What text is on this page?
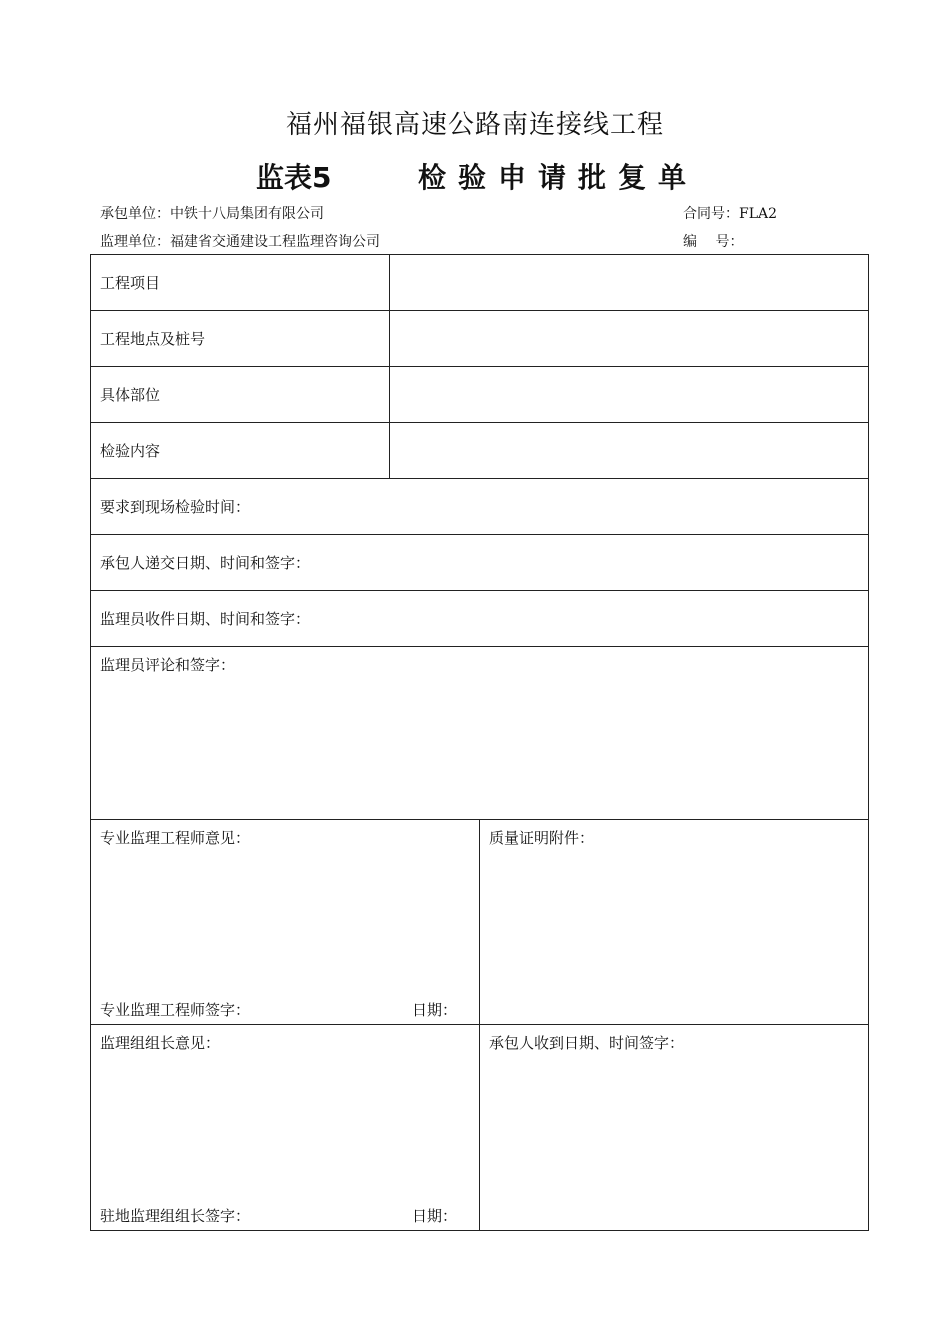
福州福银高速公路南连接线工程
监表5	检验申请批复单
承包单位：中铁十八局集团有限公司	合同号：FLA2
监理单位：福建省交通建设工程监理咨询公司	编　 号：
工程项目
工程地点及桩号
具体部位
检验内容
要求到现场检验时间：
承包人递交日期、时间和签字：
监理员收件日期、时间和签字：
监理员评论和签字：
专业监理工程师意见：
专业监理工程师签字：	日期：
质量证明附件：
监理组组长意见：
驻地监理组组长签字：	日期：
承包人收到日期、时间签字：
